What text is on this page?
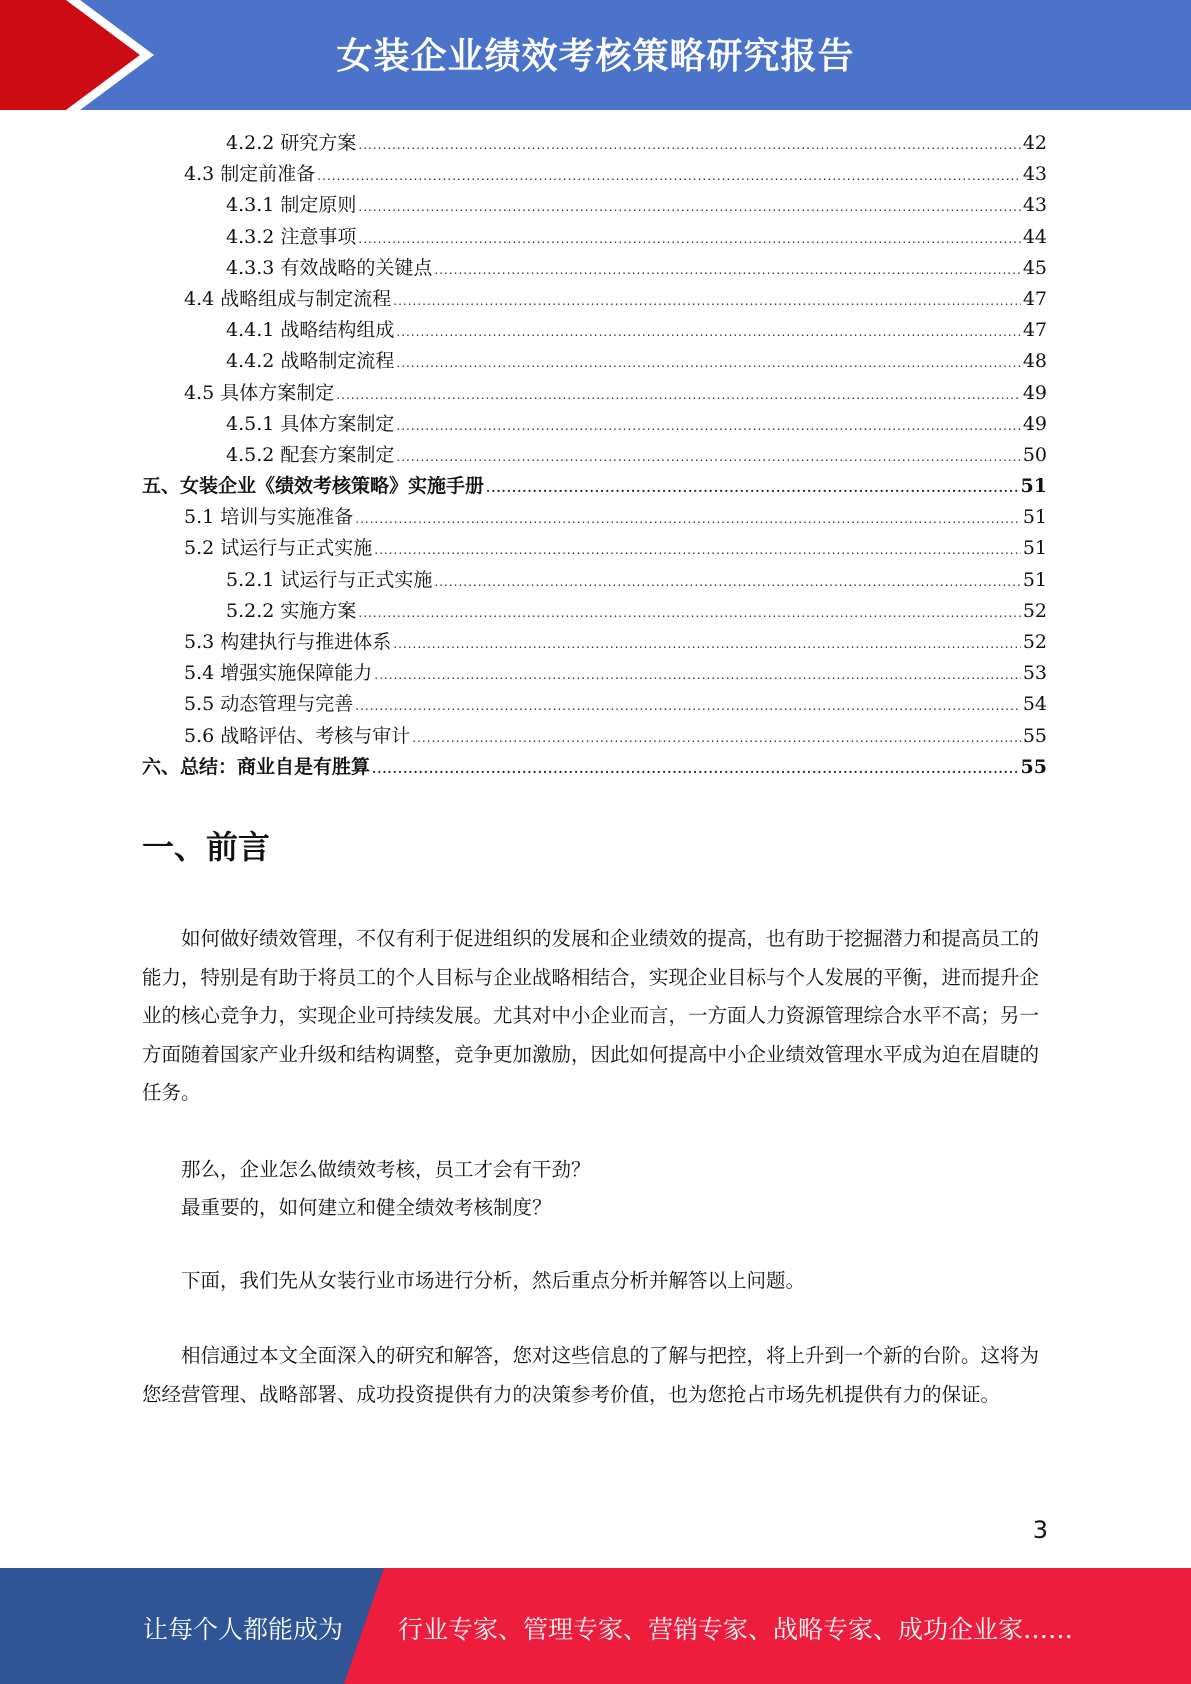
女装企业绩效考核策略研究报告
4.2.2 研究方案 .....	42
4.3 制定前准备 .....	43
4.3.1 制定原则 .....	43
4.3.2 注意事项 .....	44
4.3.3 有效战略的关键点 .....	45
4.4 战略组成与制定流程 .....	47
4.4.1 战略结构组成 .....	47
4.4.2 战略制定流程 .....	48
4.5 具体方案制定 .....	49
4.5.1 具体方案制定 .....	49
4.5.2 配套方案制定 .....	50
五、女装企业《绩效考核策略》实施手册 .....	51
5.1 培训与实施准备 .....	51
5.2 试运行与正式实施 .....	51
5.2.1 试运行与正式实施 .....	51
5.2.2 实施方案 .....	52
5.3 构建执行与推进体系 .....	52
5.4 增强实施保障能力 .....	53
5.5 动态管理与完善 .....	54
5.6 战略评估、考核与审计 .....	55
六、总结：商业自是有胜算 .....	55
一、前言

如何做好绩效管理，不仅有利于促进组织的发展和企业绩效的提高，也有助于挖掘潜力和提高员工的能力，特别是有助于将员工的个人目标与企业战略相结合，实现企业目标与个人发展的平衡，进而提升企业的核心竞争力，实现企业可持续发展。尤其对中小企业而言，一方面人力资源管理综合水平不高；另一方面随着国家产业升级和结构调整，竞争更加激励，因此如何提高中小企业绩效管理水平成为迫在眉睫的任务。

那么，企业怎么做绩效考核，员工才会有干劲？

最重要的，如何建立和健全绩效考核制度？

下面，我们先从女装行业市场进行分析，然后重点分析并解答以上问题。

相信通过本文全面深入的研究和解答，您对这些信息的了解与把控，将上升到一个新的台阶。这将为您经营管理、战略部署、成功投资提供有力的决策参考价值，也为您抢占市场先机提供有力的保证。

3
让每个人都能成为 行业专家、管理专家、营销专家、战略专家、成功企业家……
